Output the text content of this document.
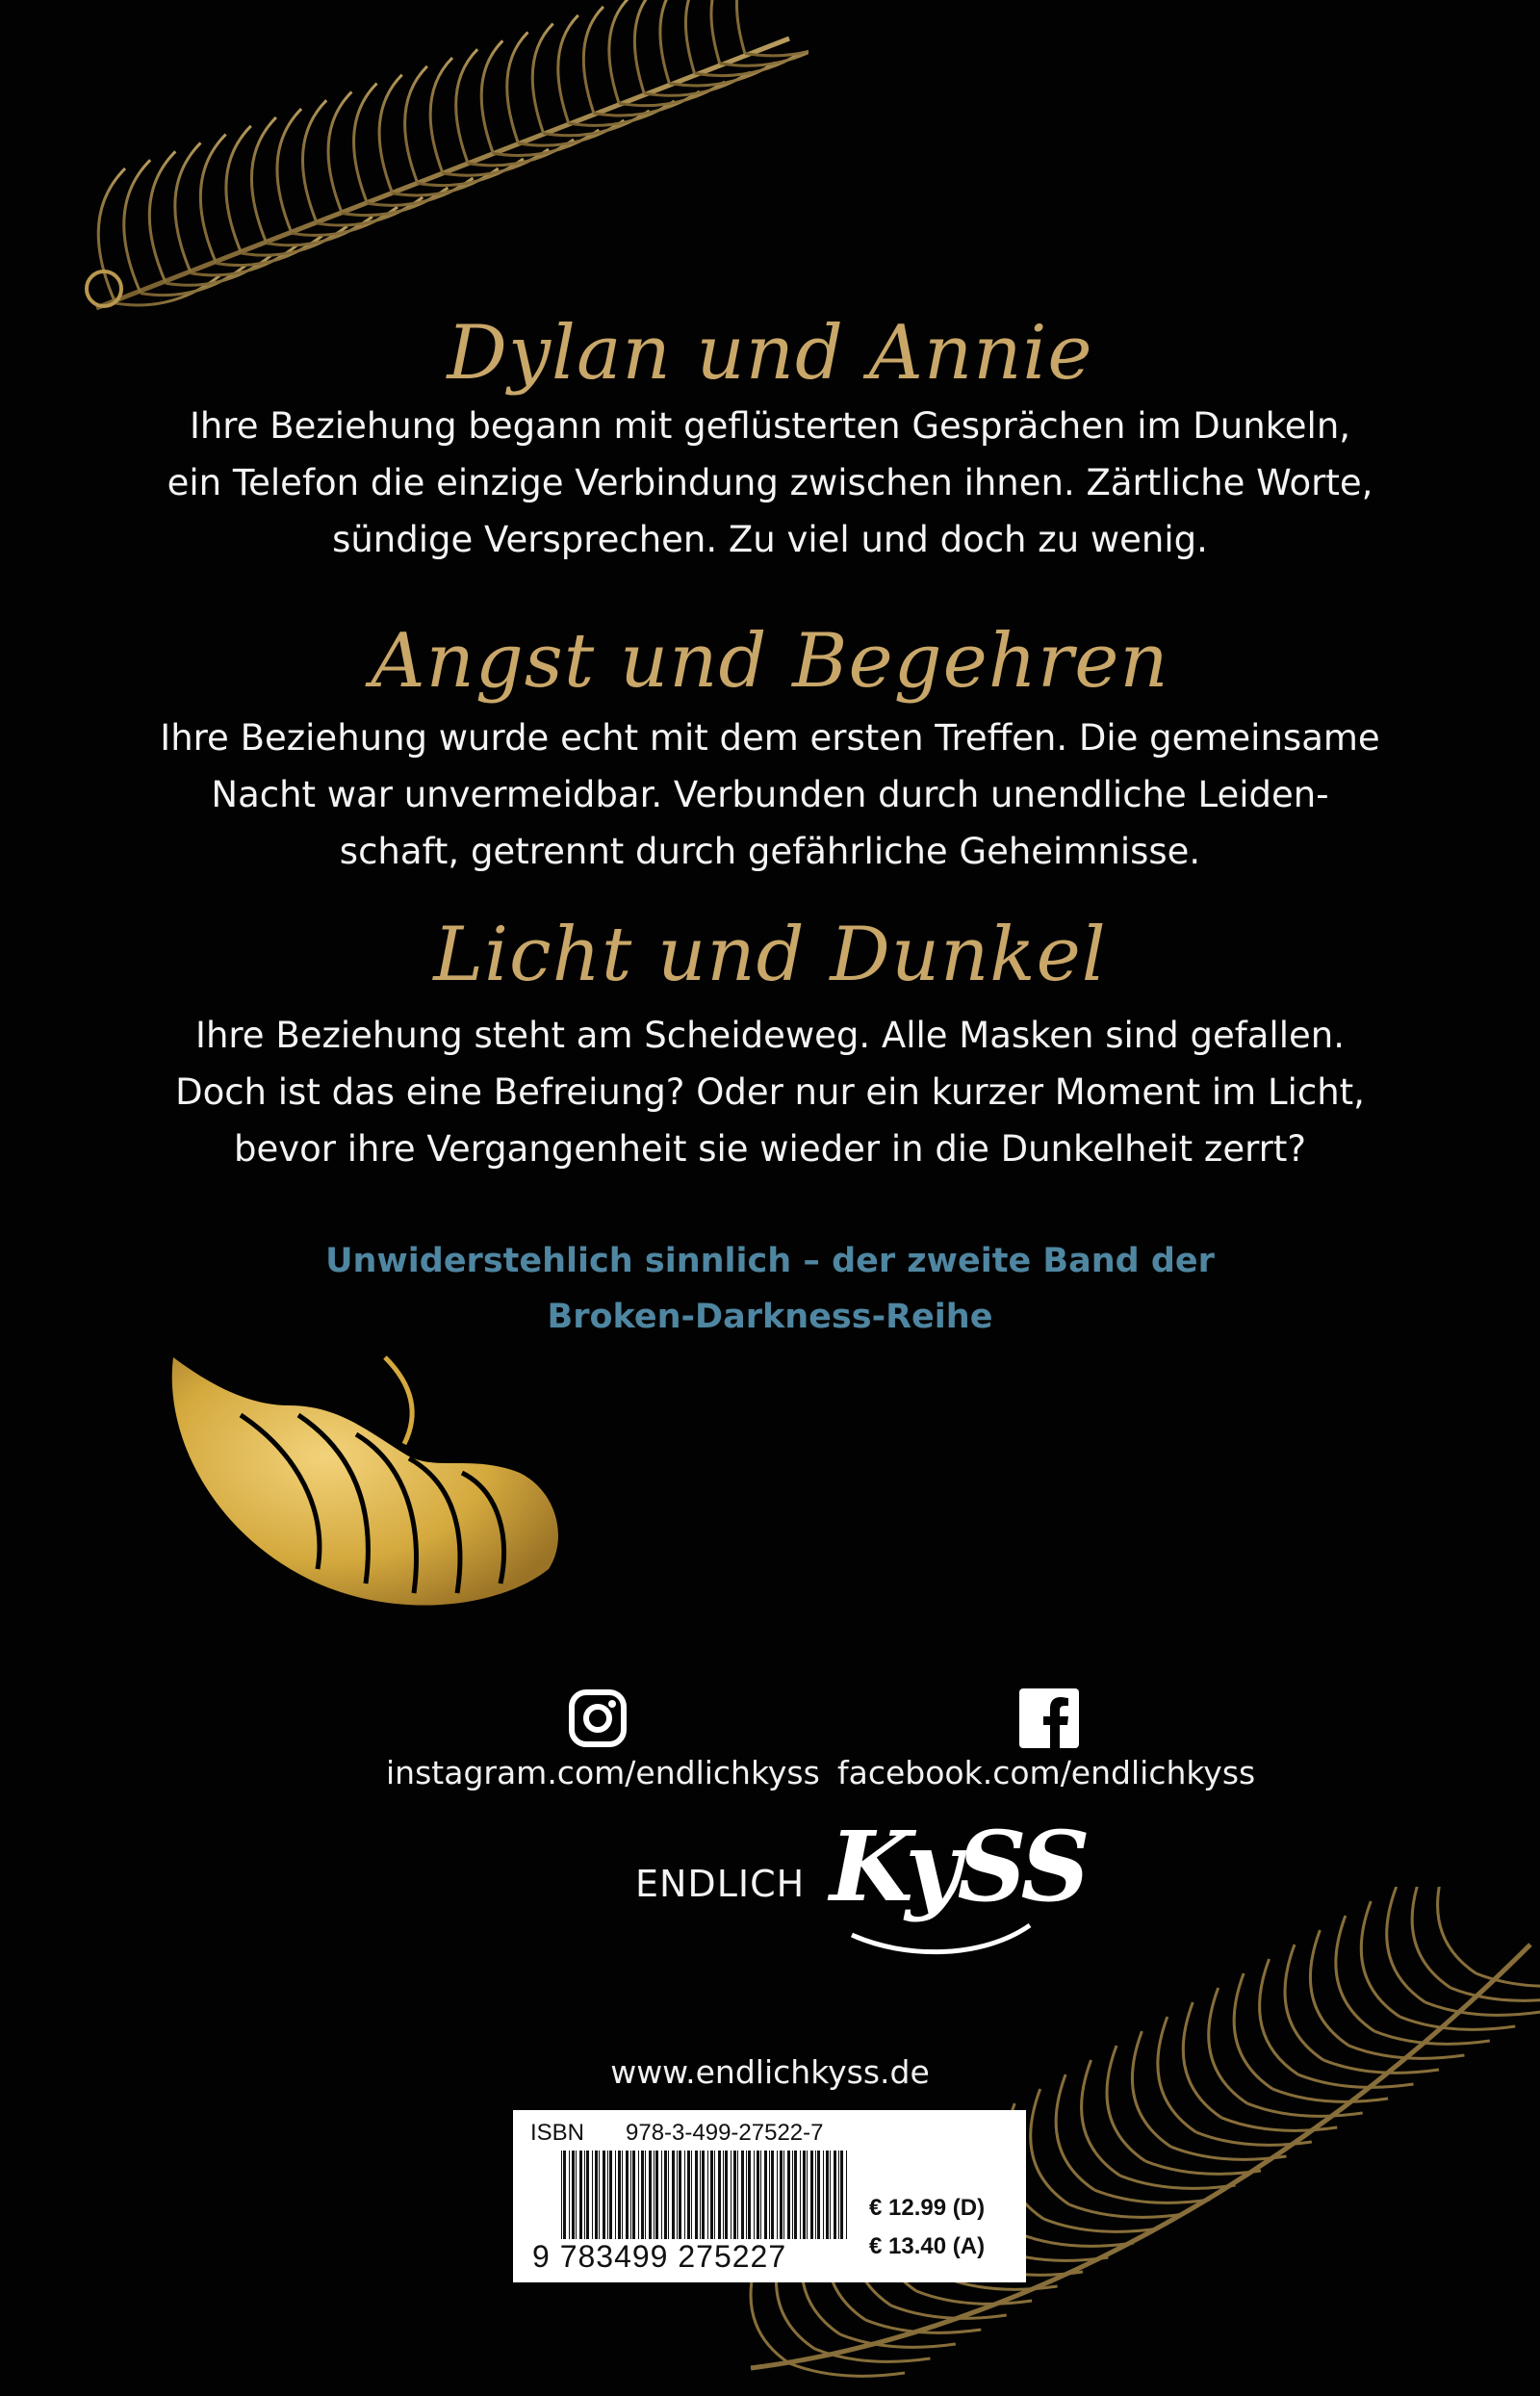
Dylan und Annie
Ihre Beziehung begann mit geflüsterten Gesprächen im Dunkeln,
ein Telefon die einzige Verbindung zwischen ihnen. Zärtliche Worte,
sündige Versprechen. Zu viel und doch zu wenig.
Angst und Begehren
Ihre Beziehung wurde echt mit dem ersten Treffen. Die gemeinsame
Nacht war unvermeidbar. Verbunden durch unendliche Leiden-
schaft, getrennt durch gefährliche Geheimnisse.
Licht und Dunkel
Ihre Beziehung steht am Scheideweg. Alle Masken sind gefallen.
Doch ist das eine Befreiung? Oder nur ein kurzer Moment im Licht,
bevor ihre Vergangenheit sie wieder in die Dunkelheit zerrt?
Unwiderstehlich sinnlich – der zweite Band der
Broken-Darkness-Reihe
instagram.com/endlichkyss facebook.com/endlichkyss
ENDLICH KySS
www.endlichkyss.de
ISBN 978-3-499-27522-7
9 783499 275227
€ 12.99 (D)
€ 13.40 (A)
